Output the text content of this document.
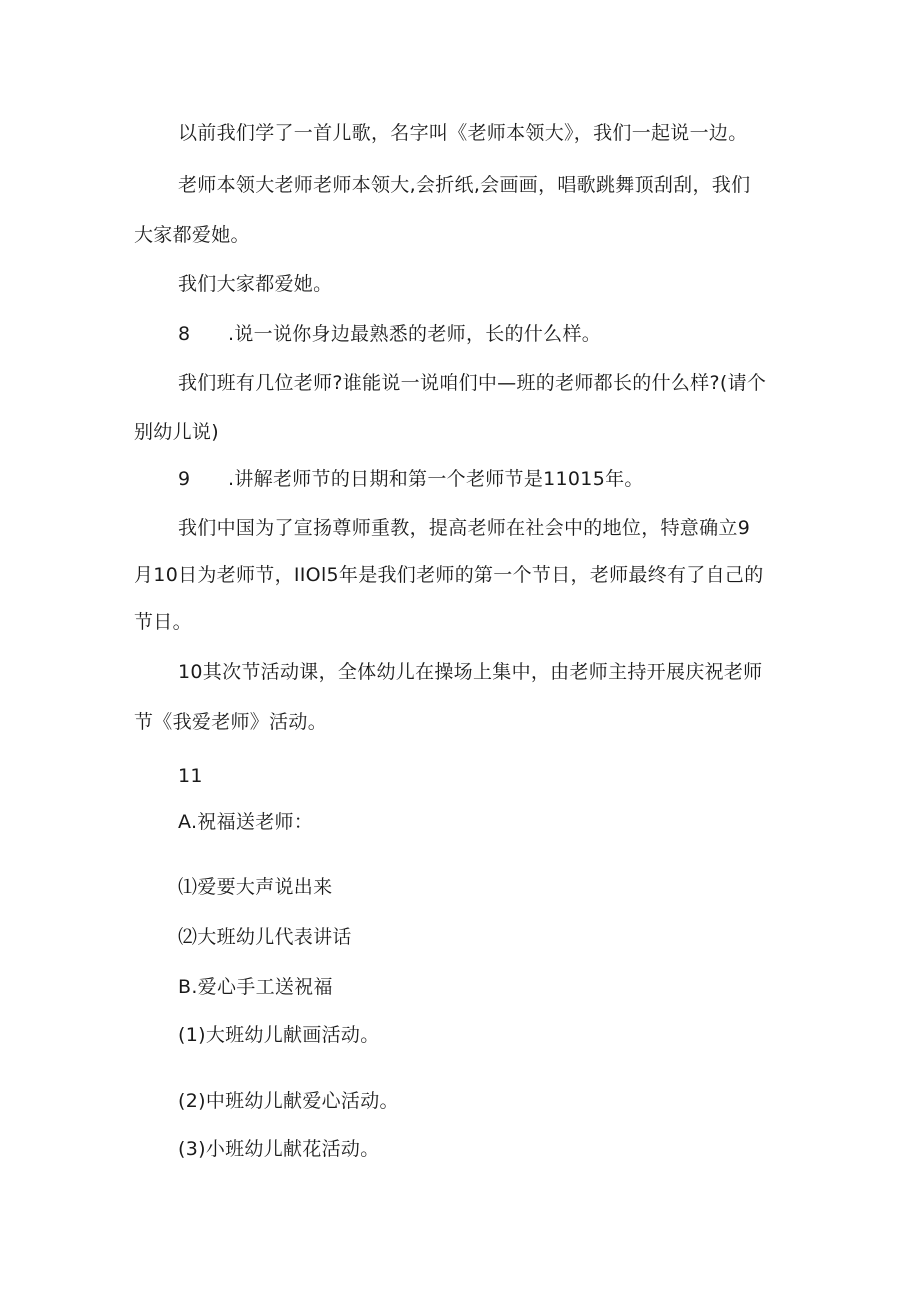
以前我们学了一首儿歌，名字叫《老师本领大》，我们一起说一边。
老师本领大老师老师本领大,会折纸,会画画，唱歌跳舞顶刮刮，我们
大家都爱她。
我们大家都爱她。
8 .说一说你身边最熟悉的老师，长的什么样。
我们班有几位老师?谁能说一说咱们中—班的老师都长的什么样?(请个
别幼儿说)
9 .讲解老师节的日期和第一个老师节是11015年。
我们中国为了宣扬尊师重教，提高老师在社会中的地位，特意确立9
月10日为老师节，IIOl5年是我们老师的第一个节日，老师最终有了自己的
节日。
10其次节活动课，全体幼儿在操场上集中，由老师主持开展庆祝老师
节《我爱老师》活动。
11
A.祝福送老师：
⑴爱要大声说出来
⑵大班幼儿代表讲话
B.爱心手工送祝福
(1)大班幼儿献画活动。
(2)中班幼儿献爱心活动。
(3)小班幼儿献花活动。
